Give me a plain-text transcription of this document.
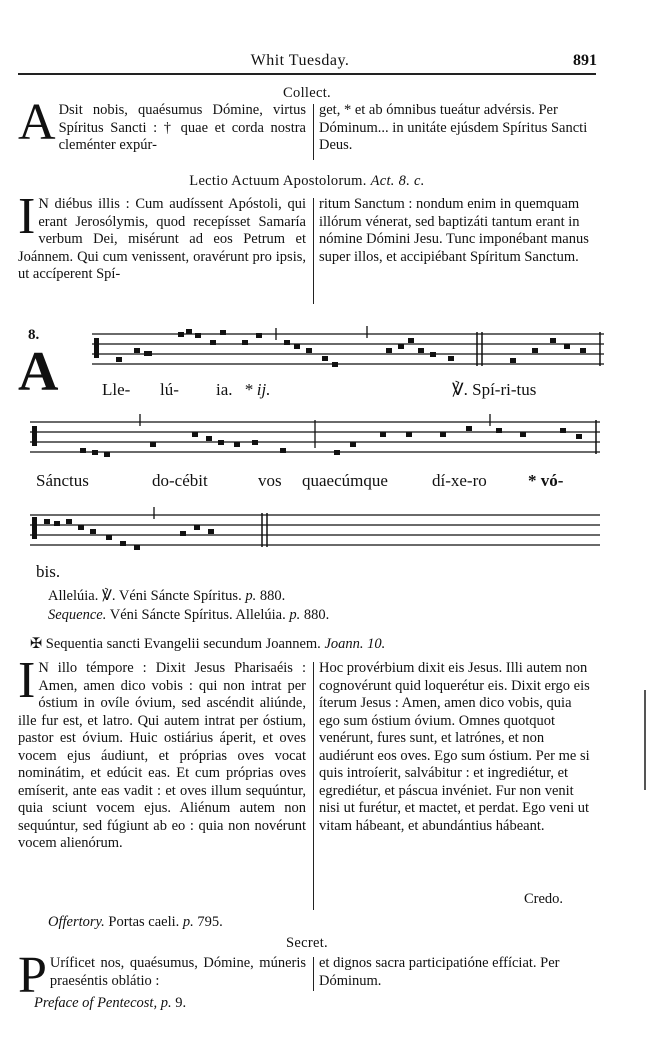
Whit Tuesday.	891
Collect.
A Dsit nobis, quaésumus Dómine, virtus Spíritus Sancti : † quae et corda nostra cleménter expúr-

get, * et ab ómnibus tueátur advérsis. Per Dóminum... in unitáte ejúsdem Spíritus Sancti Deus.

Lectio Actuum Apostolorum. Act. 8. c.
I N diébus illis : Cum audíssent Apóstoli, qui erant Jerosólymis, quod recepísset Samaría verbum Dei, misérunt ad eos Petrum et Joánnem. Qui cum venissent, oravérunt pro ipsis, ut accíperent Spí-

ritum Sanctum : nondum enim in quemquam illórum vénerat, sed baptizáti tantum erant in nómine Dómini Jesu. Tunc imponébant manus super illos, et accipiébant Spíritum Sanctum.

8.
A	Lle- lú- ia. * ij.	℣. Spí-ri-tus
Sánctus	do-cébit	vos quaecúmque	dí-xe-ro * vó-
bis.
Allelúia. ℣. Véni Sáncte Spíritus. p. 880.
Sequence. Véni Sáncte Spíritus. Allelúia. p. 880.
✠ Sequentia sancti Evangelii secundum Joannem. Joann. 10.
I N illo témpore : Dixit Jesus Pharisaéis : Amen, amen dico vobis : qui non intrat per óstium in ovíle óvium, sed ascéndit aliúnde, ille fur est, et latro. Qui autem intrat per óstium, pastor est óvium. Huic ostiárius áperit, et oves vocem ejus áudiunt, et próprias oves vocat nominátim, et edúcit eas. Et cum próprias oves emíserit, ante eas vadit : et oves illum sequúntur, quia sciunt vocem ejus. Aliénum autem non sequúntur, sed fúgiunt ab eo : quia non novérunt vocem alienórum.

Hoc provérbium dixit eis Jesus. Illi autem non cognovérunt quid loquerétur eis. Dixit ergo eis íterum Jesus : Amen, amen dico vobis, quia ego sum óstium óvium. Omnes quotquot venérunt, fures sunt, et latrónes, et non audiérunt eos oves. Ego sum óstium. Per me si quis introíerit, salvábitur : et ingrediétur, et egrediétur, et páscua invéniet. Fur non venit nisi ut furétur, et mactet, et perdat. Ego veni ut vitam hábeant, et abundántius hábeant.

Credo.
Offertory. Portas caeli. p. 795.
Secret.
P Uríficet nos, quaésumus, Dómine, múneris praeséntis oblátio :

et dignos sacra participatióne effíciat. Per Dóminum.

Preface of Pentecost, p. 9.
